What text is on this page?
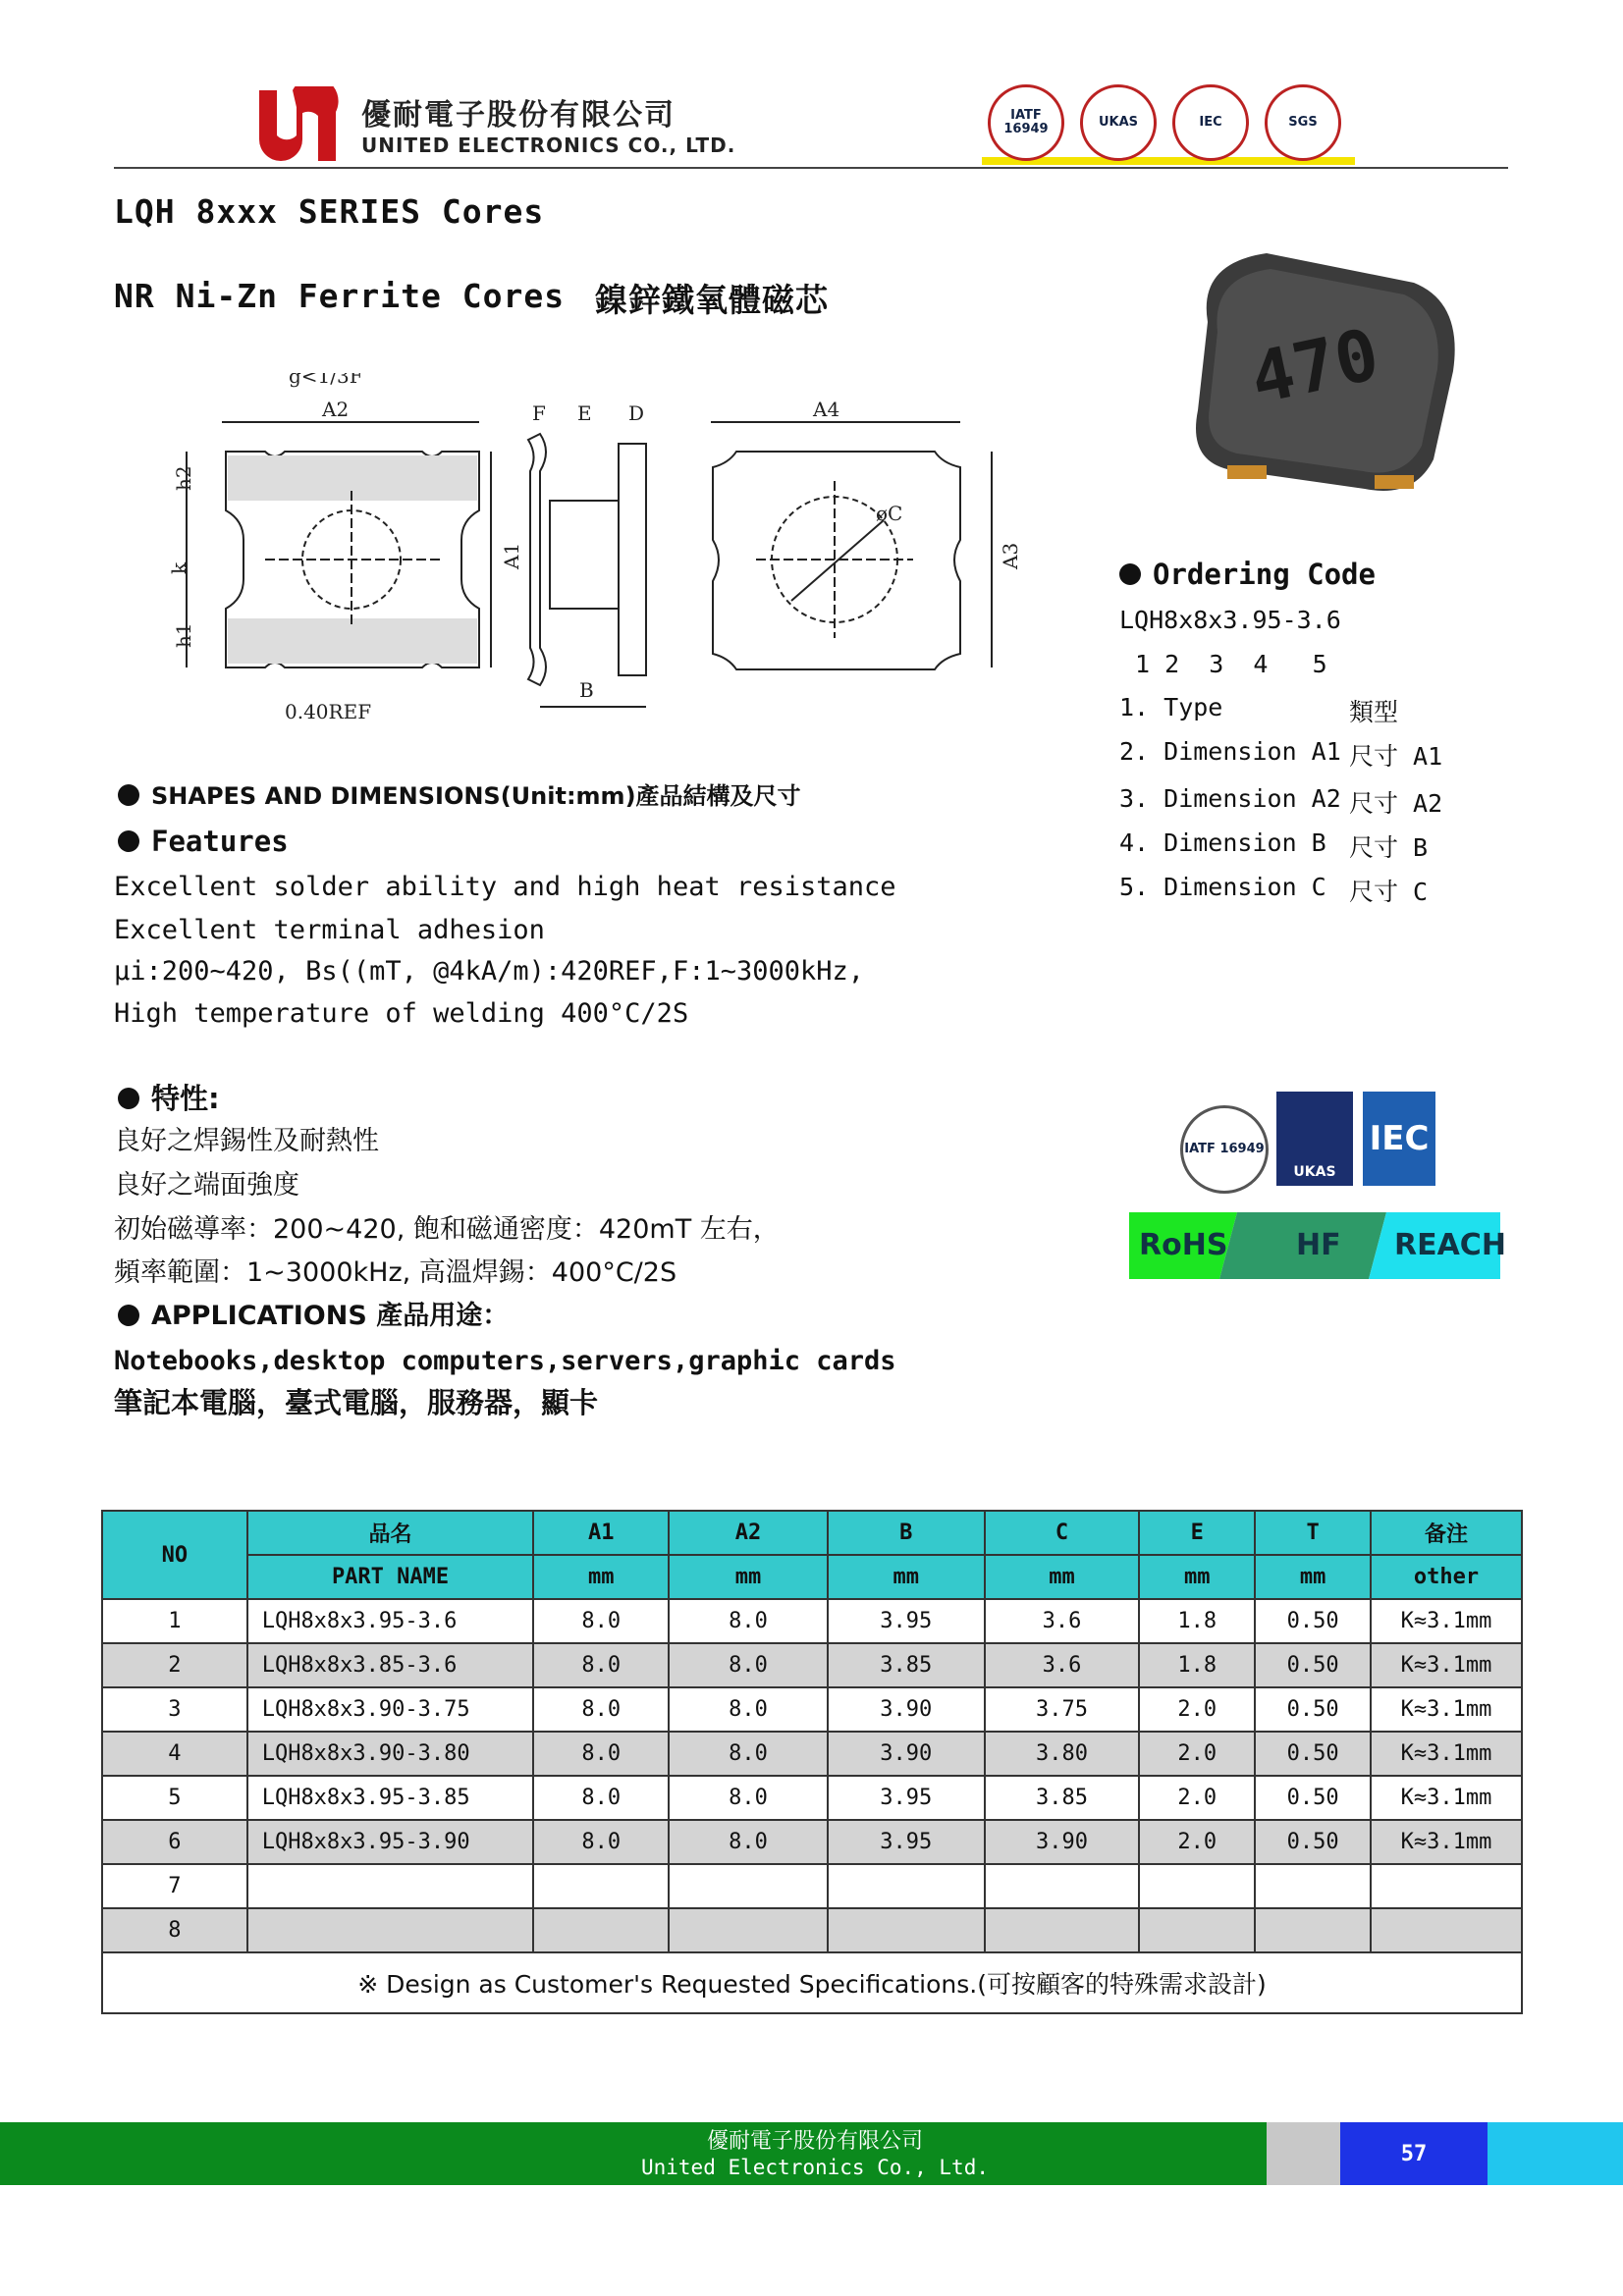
優耐電子股份有限公司
UNITED ELECTRONICS CO., LTD.
IATF 16949	UKAS	IEC	SGS
LQH 8xxx SERIES Cores
NR Ni-Zn Ferrite Cores 鎳鋅鐵氧體磁芯
A2
h2
k
h1
A1
g<1/3F
F E D
0.40REF
B
A4
øC
A3
470
Ordering Code
LQH8x8x3.95-3.6
1 2  3  4   5
1. Type	類型
2. Dimension A1 尺寸 A1
3. Dimension A2 尺寸 A2
4. Dimension B 尺寸 B
5. Dimension C 尺寸 C
SHAPES AND DIMENSIONS(Unit:mm)產品結構及尺寸
Features
Excellent solder ability and high heat resistance
Excellent terminal adhesion
μi:200~420, Bs((mT, @4kA/m):420REF,F:1~3000kHz,
High temperature of welding 400°C/2S
特性:
良好之焊錫性及耐熱性
良好之端面強度
初始磁導率：200~420, 飽和磁通密度：420mT 左右，
頻率範圍：1~3000kHz, 高溫焊錫：400°C/2S
APPLICATIONS 產品用途：
Notebooks,desktop computers,servers,graphic cards
筆記本電腦，臺式電腦，服務器，顯卡
IATF 16949
UKAS
IEC
RoHS HF REACH
NO	品名	A1	A2	B	C	E	T	备注
	PART NAME	mm	mm	mm	mm	mm	mm	other
1	LQH8x8x3.95-3.6	8.0	8.0	3.95	3.6	1.8	0.50	K≈3.1mm
2	LQH8x8x3.85-3.6	8.0	8.0	3.85	3.6	1.8	0.50	K≈3.1mm
3	LQH8x8x3.90-3.75	8.0	8.0	3.90	3.75	2.0	0.50	K≈3.1mm
4	LQH8x8x3.90-3.80	8.0	8.0	3.90	3.80	2.0	0.50	K≈3.1mm
5	LQH8x8x3.95-3.85	8.0	8.0	3.95	3.85	2.0	0.50	K≈3.1mm
6	LQH8x8x3.95-3.90	8.0	8.0	3.95	3.90	2.0	0.50	K≈3.1mm
7								
8								
※ Design as Customer's Requested Specifications.(可按顧客的特殊需求設計)								
優耐電子股份有限公司
United Electronics Co., Ltd.
57
